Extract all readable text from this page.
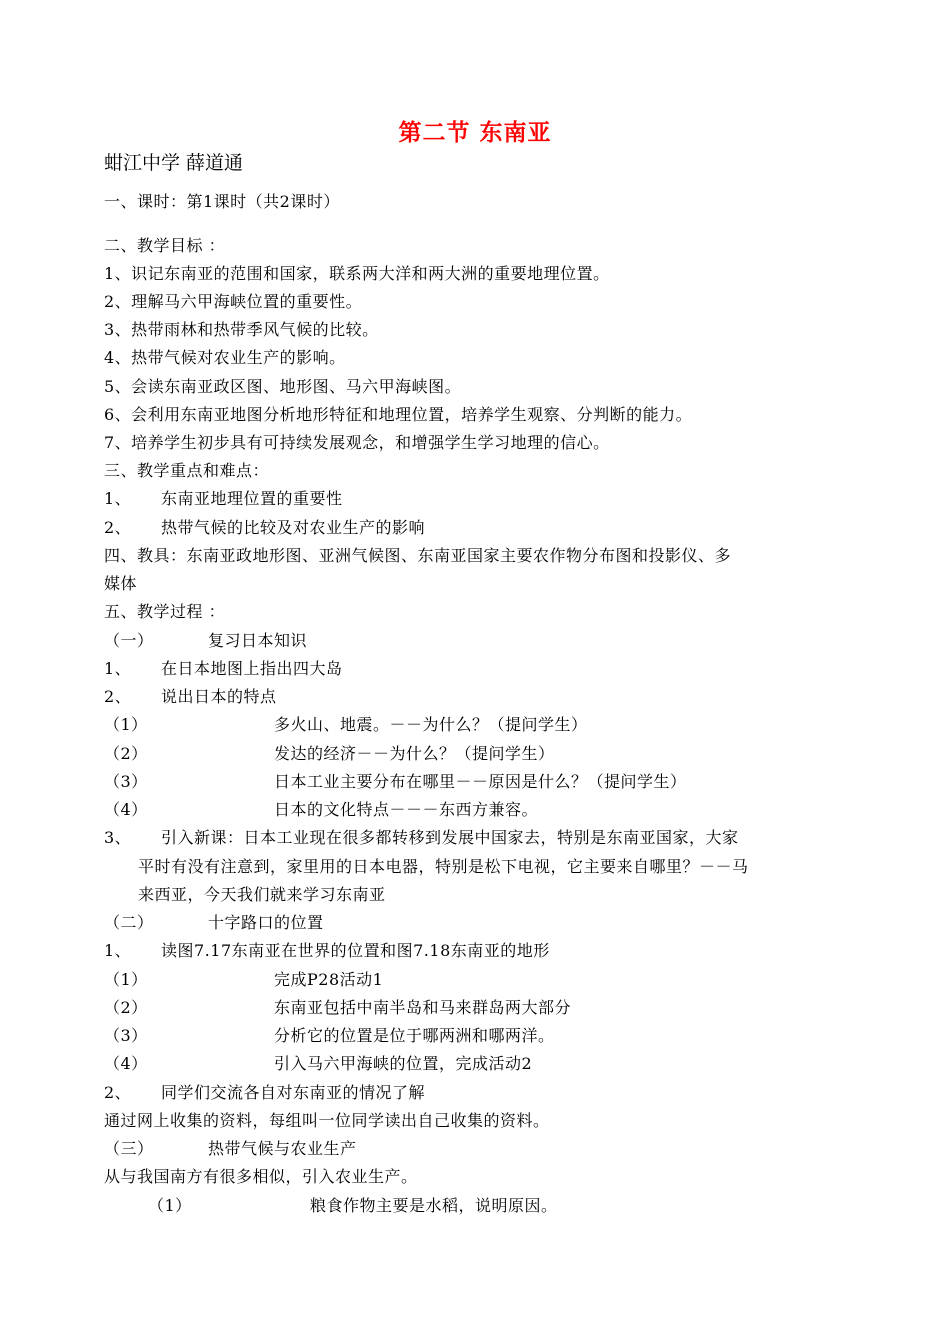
第二节 东南亚
蚶江中学 薛道通
一、课时：第1课时（共2课时）
二、教学目标 ：
1、识记东南亚的范围和国家，联系两大洋和两大洲的重要地理位置。
2、理解马六甲海峡位置的重要性。
3、热带雨林和热带季风气候的比较。
4、热带气候对农业生产的影响。
5、会读东南亚政区图、地形图、马六甲海峡图。
6、会利用东南亚地图分析地形特征和地理位置，培养学生观察、分判断的能力。
7、培养学生初步具有可持续发展观念，和增强学生学习地理的信心。
三、教学重点和难点：
1、 东南亚地理位置的重要性
2、 热带气候的比较及对农业生产的影响
四、教具：东南亚政地形图、亚洲气候图、东南亚国家主要农作物分布图和投影仪、多
媒体
五、教学过程 ：
（一）	复习日本知识
1、 在日本地图上指出四大岛
2、 说出日本的特点
（1）	多火山、地震。－－为什么？（提问学生）
（2）	发达的经济－－为什么？（提问学生）
（3）	日本工业主要分布在哪里－－原因是什么？（提问学生）
（4）	日本的文化特点－－－东西方兼容。
3、 引入新课：日本工业现在很多都转移到发展中国家去，特别是东南亚国家，大家
平时有没有注意到，家里用的日本电器，特别是松下电视，它主要来自哪里？－－马
来西亚，今天我们就来学习东南亚
（二）	十字路口的位置
1、 读图7.17东南亚在世界的位置和图7.18东南亚的地形
（1）	完成P28活动1
（2）	东南亚包括中南半岛和马来群岛两大部分
（3）	分析它的位置是位于哪两洲和哪两洋。
（4）	引入马六甲海峡的位置，完成活动2
2、 同学们交流各自对东南亚的情况了解
通过网上收集的资料，每组叫一位同学读出自己收集的资料。
（三）	热带气候与农业生产
从与我国南方有很多相似，引入农业生产。
（1）	粮食作物主要是水稻，说明原因。
